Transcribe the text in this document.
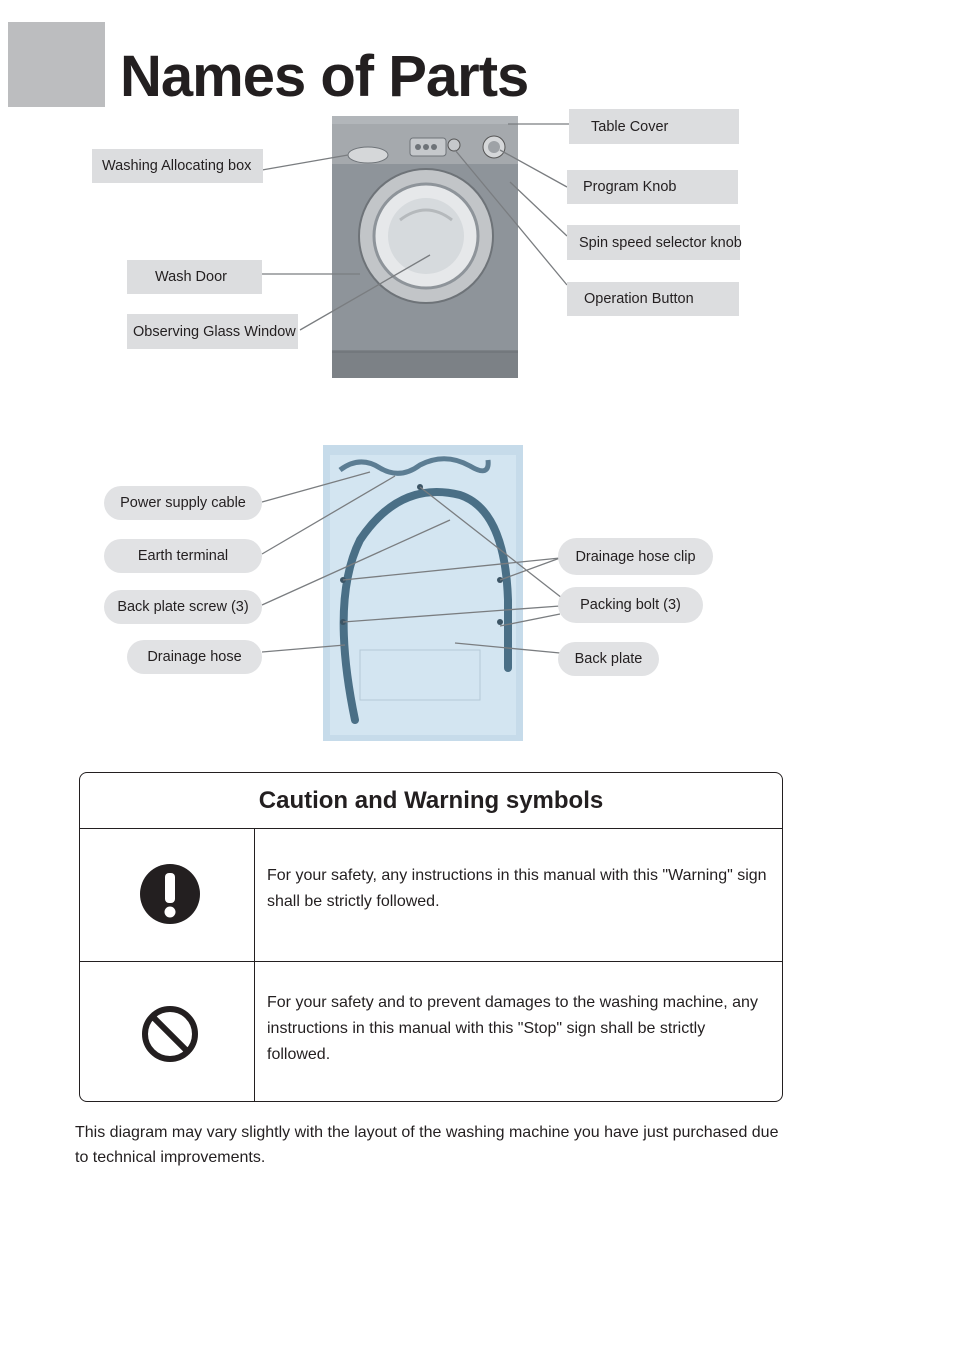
Names of Parts
Washing Allocating box
Wash Door
Observing Glass Window
Table Cover
Program Knob
Spin speed selector knob
Operation Button
Power supply cable
Earth terminal
Back plate screw (3)
Drainage hose
Drainage hose clip
Packing bolt (3)
Back plate
Caution and Warning symbols
For your safety, any instructions in this manual with this "Warning" sign shall be strictly followed.
For your safety and to prevent damages to the washing machine, any instructions in this manual with this "Stop" sign shall be strictly followed.

This diagram may vary slightly with the layout of the washing machine you have just purchased due to technical improvements.
